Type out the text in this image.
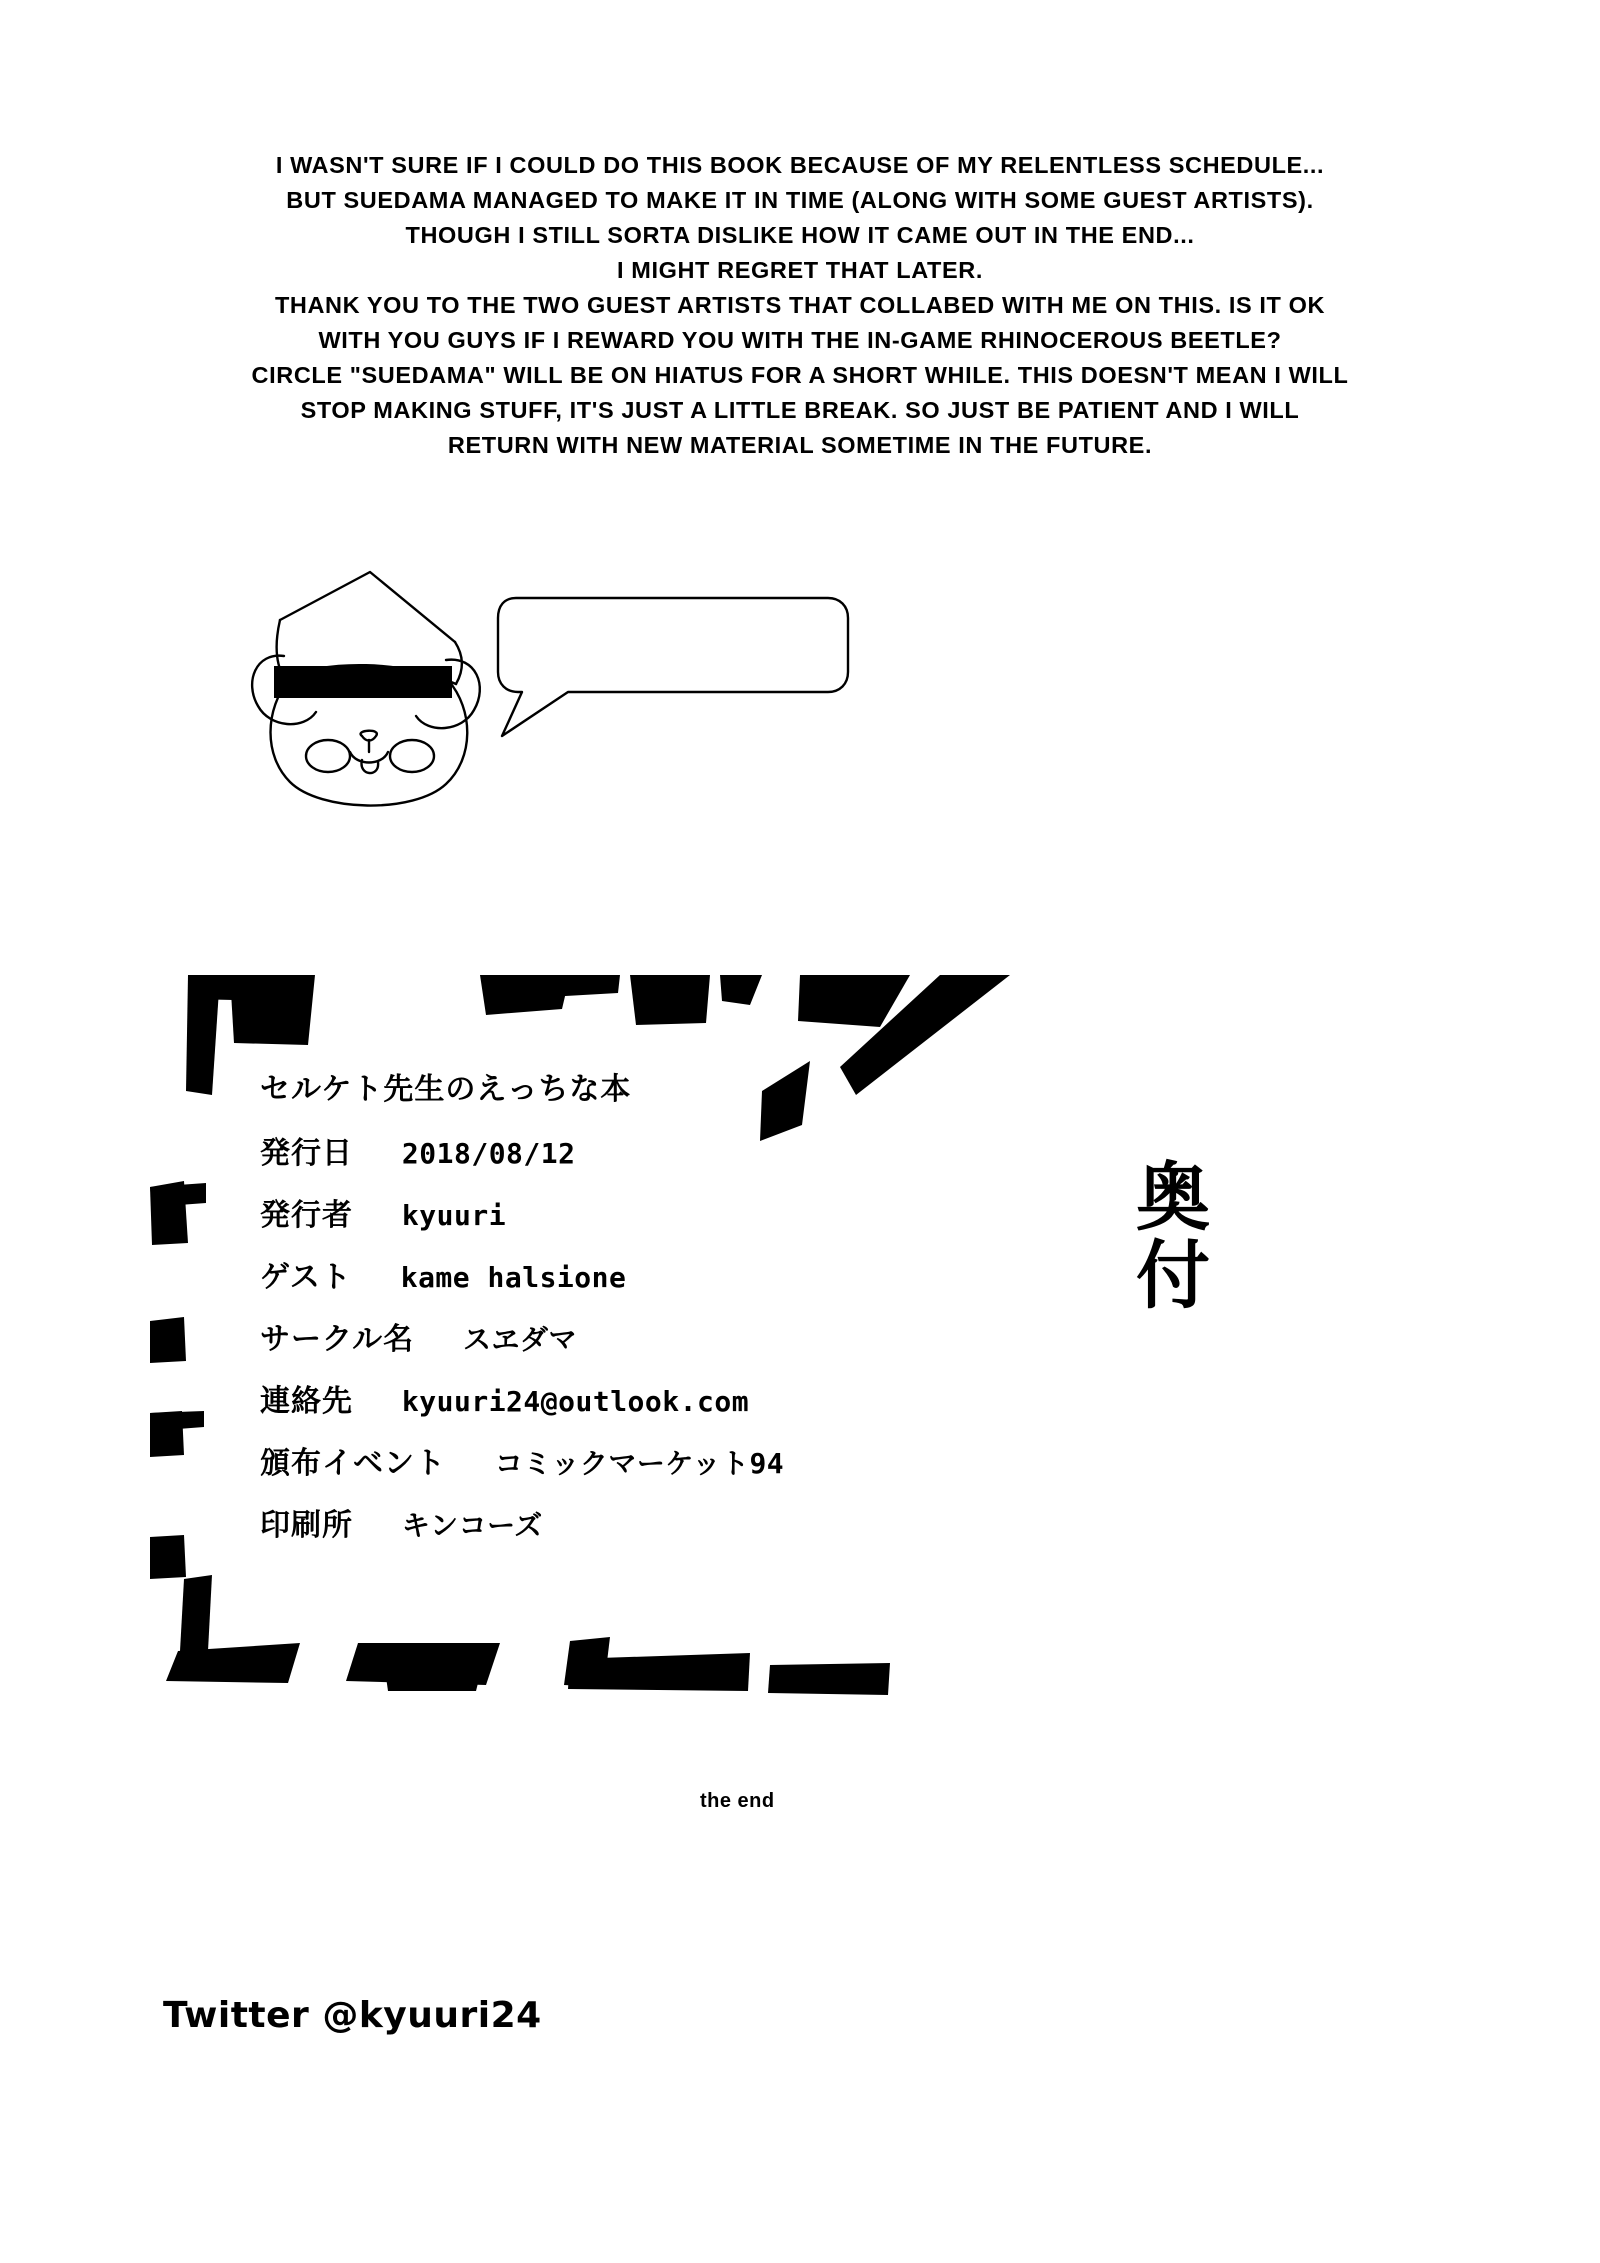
I WASN'T SURE IF I COULD DO THIS BOOK BECAUSE OF MY RELENTLESS SCHEDULE...
BUT SUEDAMA MANAGED TO MAKE IT IN TIME (ALONG WITH SOME GUEST ARTISTS).
THOUGH I STILL SORTA DISLIKE HOW IT CAME OUT IN THE END...
I MIGHT REGRET THAT LATER.
THANK YOU TO THE TWO GUEST ARTISTS THAT COLLABED WITH ME ON THIS. IS IT OK
WITH YOU GUYS IF I REWARD YOU WITH THE IN-GAME RHINOCEROUS BEETLE?
CIRCLE "SUEDAMA" WILL BE ON HIATUS FOR A SHORT WHILE. THIS DOESN'T MEAN I WILL
STOP MAKING STUFF, IT'S JUST A LITTLE BREAK. SO JUST BE PATIENT AND I WILL
RETURN WITH NEW MATERIAL SOMETIME IN THE FUTURE.
YOU CAN'T ESCAPE FROM
FULLBOKKO HEROES
セルケト先生のえっちな本
発行日 2018/08/12
発行者 kyuuri
ゲスト kame halsione
サークル名 スヱダマ
連絡先 kyuuri24@outlook.com
頒布イベント コミックマーケット94
印刷所 キンコーズ
奥付
the end
Twitter @kyuuri24
